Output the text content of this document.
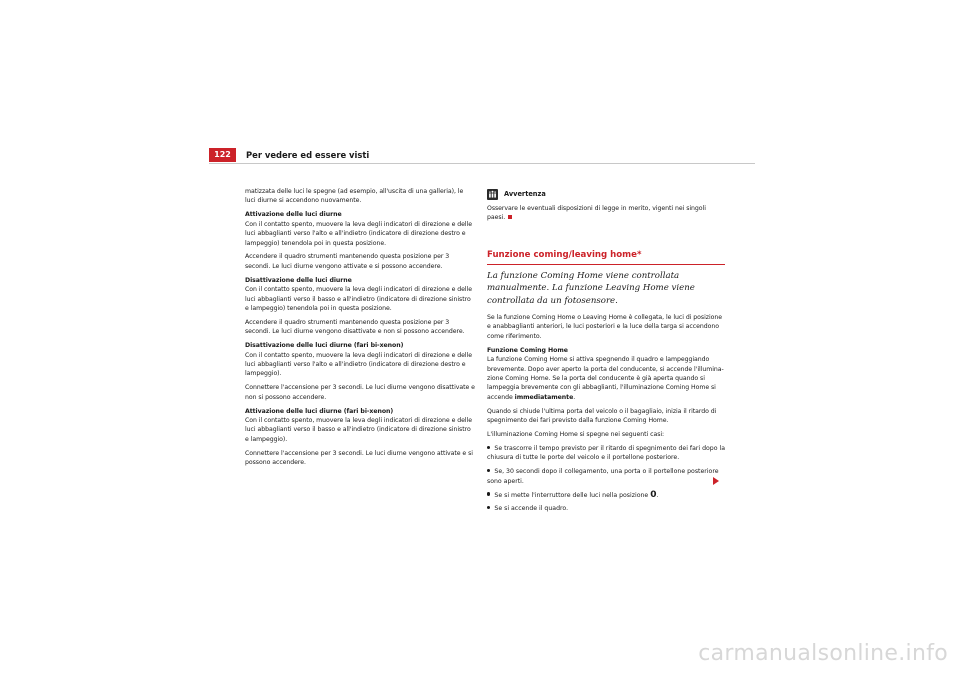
122	Per vedere ed essere visti

matizzata delle luci le spegne (ad esempio, all'uscita di una galleria), le luci diurne si accendono nuovamente.

Attivazione delle luci diurne

Con il contatto spento, muovere la leva degli indicatori di direzione e delle luci abbaglianti verso l'alto e all'indietro (indicatore di direzione destro e lampeggio) tenendola poi in questa posizione.

Accendere il quadro strumenti mantenendo questa posizione per 3 secondi. Le luci diurne vengono attivate e si possono accendere.

Disattivazione delle luci diurne

Con il contatto spento, muovere la leva degli indicatori di direzione e delle luci abbaglianti verso il basso e all'indietro (indicatore di direzione sinistro e lampeggio) tenendola poi in questa posizione.

Accendere il quadro strumenti mantenendo questa posizione per 3 secondi. Le luci diurne vengono disattivate e non si possono accendere.

Disattivazione delle luci diurne (fari bi-xenon)

Con il contatto spento, muovere la leva degli indicatori di direzione e delle luci abbaglianti verso l'alto e all'indietro (indicatore di direzione destro e lampeggio).

Connettere l'accensione per 3 secondi. Le luci diurne vengono disattivate e non si possono accendere.

Attivazione delle luci diurne (fari bi-xenon)

Con il contatto spento, muovere la leva degli indicatori di direzione e delle luci abbaglianti verso il basso e all'indietro (indicatore di direzione sinistro e lampeggio).

Connettere l'accensione per 3 secondi. Le luci diurne vengono attivate e si possono accendere.

Avvertenza

Osservare le eventuali disposizioni di legge in merito, vigenti nei singoli paesi.

Funzione coming/leaving home*
La funzione Coming Home viene controllata manualmente. La funzione Leaving Home viene controllata da un fotosensore.

Se la funzione Coming Home o Leaving Home è collegata, le luci di posizione e anabbaglianti anteriori, le luci posteriori e la luce della targa si accendono come riferimento.

Funzione Coming Home

La funzione Coming Home si attiva spegnendo il quadro e lampeggiando brevemente. Dopo aver aperto la porta del conducente, si accende l'illumina-zione Coming Home. Se la porta del conducente è già aperta quando si lampeggia brevemente con gli abbaglianti, l'illuminazione Coming Home si accende immediatamente.

Quando si chiude l'ultima porta del veicolo o il bagagliaio, inizia il ritardo di spegnimento dei fari previsto dalla funzione Coming Home.

L'illuminazione Coming Home si spegne nei seguenti casi:

Se trascorre il tempo previsto per il ritardo di spegnimento dei fari dopo la chiusura di tutte le porte del veicolo e il portellone posteriore.
Se, 30 secondi dopo il collegamento, una porta o il portellone posteriore sono aperti.
Se si mette l'interruttore delle luci nella posizione 0.
Se si accende il quadro.
carmanualsonline.info
